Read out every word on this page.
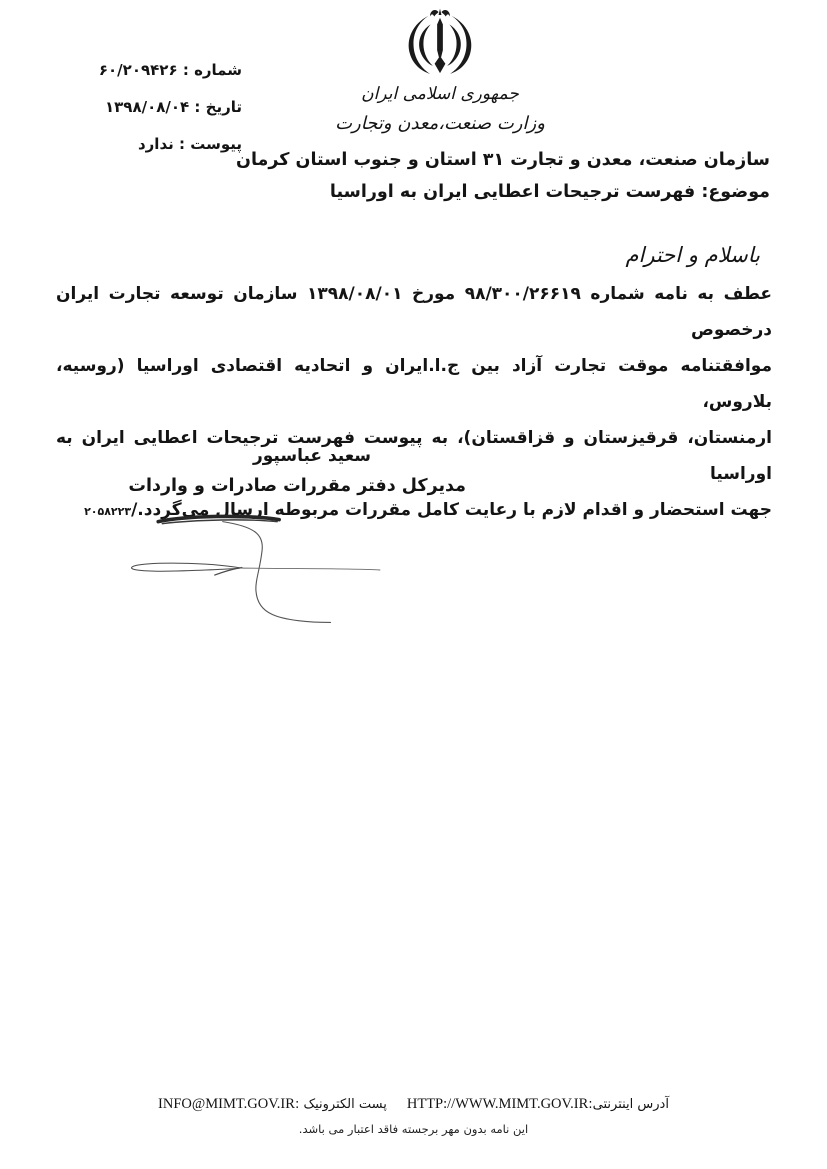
شماره : ۶۰/۲۰۹۴۲۶
تاریخ : ۱۳۹۸/۰۸/۰۴
پیوست : ندارد
جمهوری اسلامی ایران
وزارت صنعت،معدن وتجارت
سازمان صنعت، معدن و تجارت ۳۱ استان و جنوب استان کرمان
موضوع: فهرست ترجیحات اعطایی ایران به اوراسیا
باسلام و احترام
عطف به نامه شماره ۹۸/۳۰۰/۲۶۶۱۹ مورخ ۱۳۹۸/۰۸/۰۱ سازمان توسعه تجارت ایران درخصوص
موافقتنامه موقت تجارت آزاد بین ج.ا.ایران و اتحادیه اقتصادی اوراسیا (روسیه، بلاروس،
ارمنستان، قرقیزستان و قزاقستان)، به پیوست فهرست ترجیحات اعطایی ایران به اوراسیا
جهت استحضار و اقدام لازم با رعایت کامل مقررات مربوطه ارسال می‌گردد./۲۰۵۸۲۲۳
سعید عباسپور
مدیرکل دفتر مقررات صادرات و واردات
آدرس اینترنتی:HTTP://WWW.MIMT.GOV.IR
پست الکترونیک :INFO@MIMT.GOV.IR
این نامه بدون مهر برجسته فاقد اعتبار می باشد.
